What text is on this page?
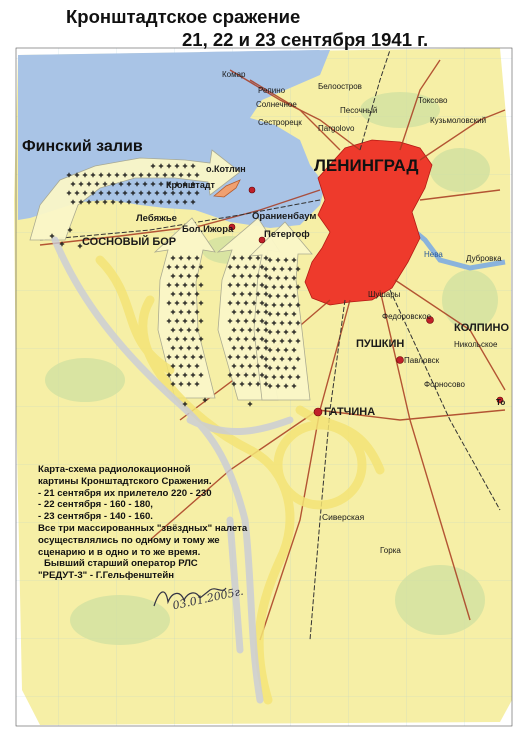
Кронштадтское сражение
21, 22 и 23 сентября 1941 г.
Финский залив
ЛЕНИНГРАД
о.Котлин
Кронштадт
Ораниенбаум
Петергоф
Лебяжье
Бол.Ижора
СОСНОВЫЙ БОР
ПУШКИН
КОЛПИНО
ГАТЧИНА
Сиверская
Комар
Репино
Солнечное
Сестрорецк
Песочный
Белоостров
Пargolovo
Токсово
Кузьмоловский
Дубровка
Шушары
Федоровское
Никольское
Павловск
Форносово
Нева
То
Горка
Карта-схема радиолокационной
картины Кронштадтского Сражения.
- 21 сентября их прилетело 220 - 230
- 22 сентября - 160 - 180,
- 23 сентября - 140 - 160.
Все три массированных "звёздных" налета
осуществлялись по одному и тому же
сценарию и в одно и то же время.
Бывший старший оператор РЛС
"РЕДУТ-3" - Г.Гельфенштейн
03.01.2005г.
